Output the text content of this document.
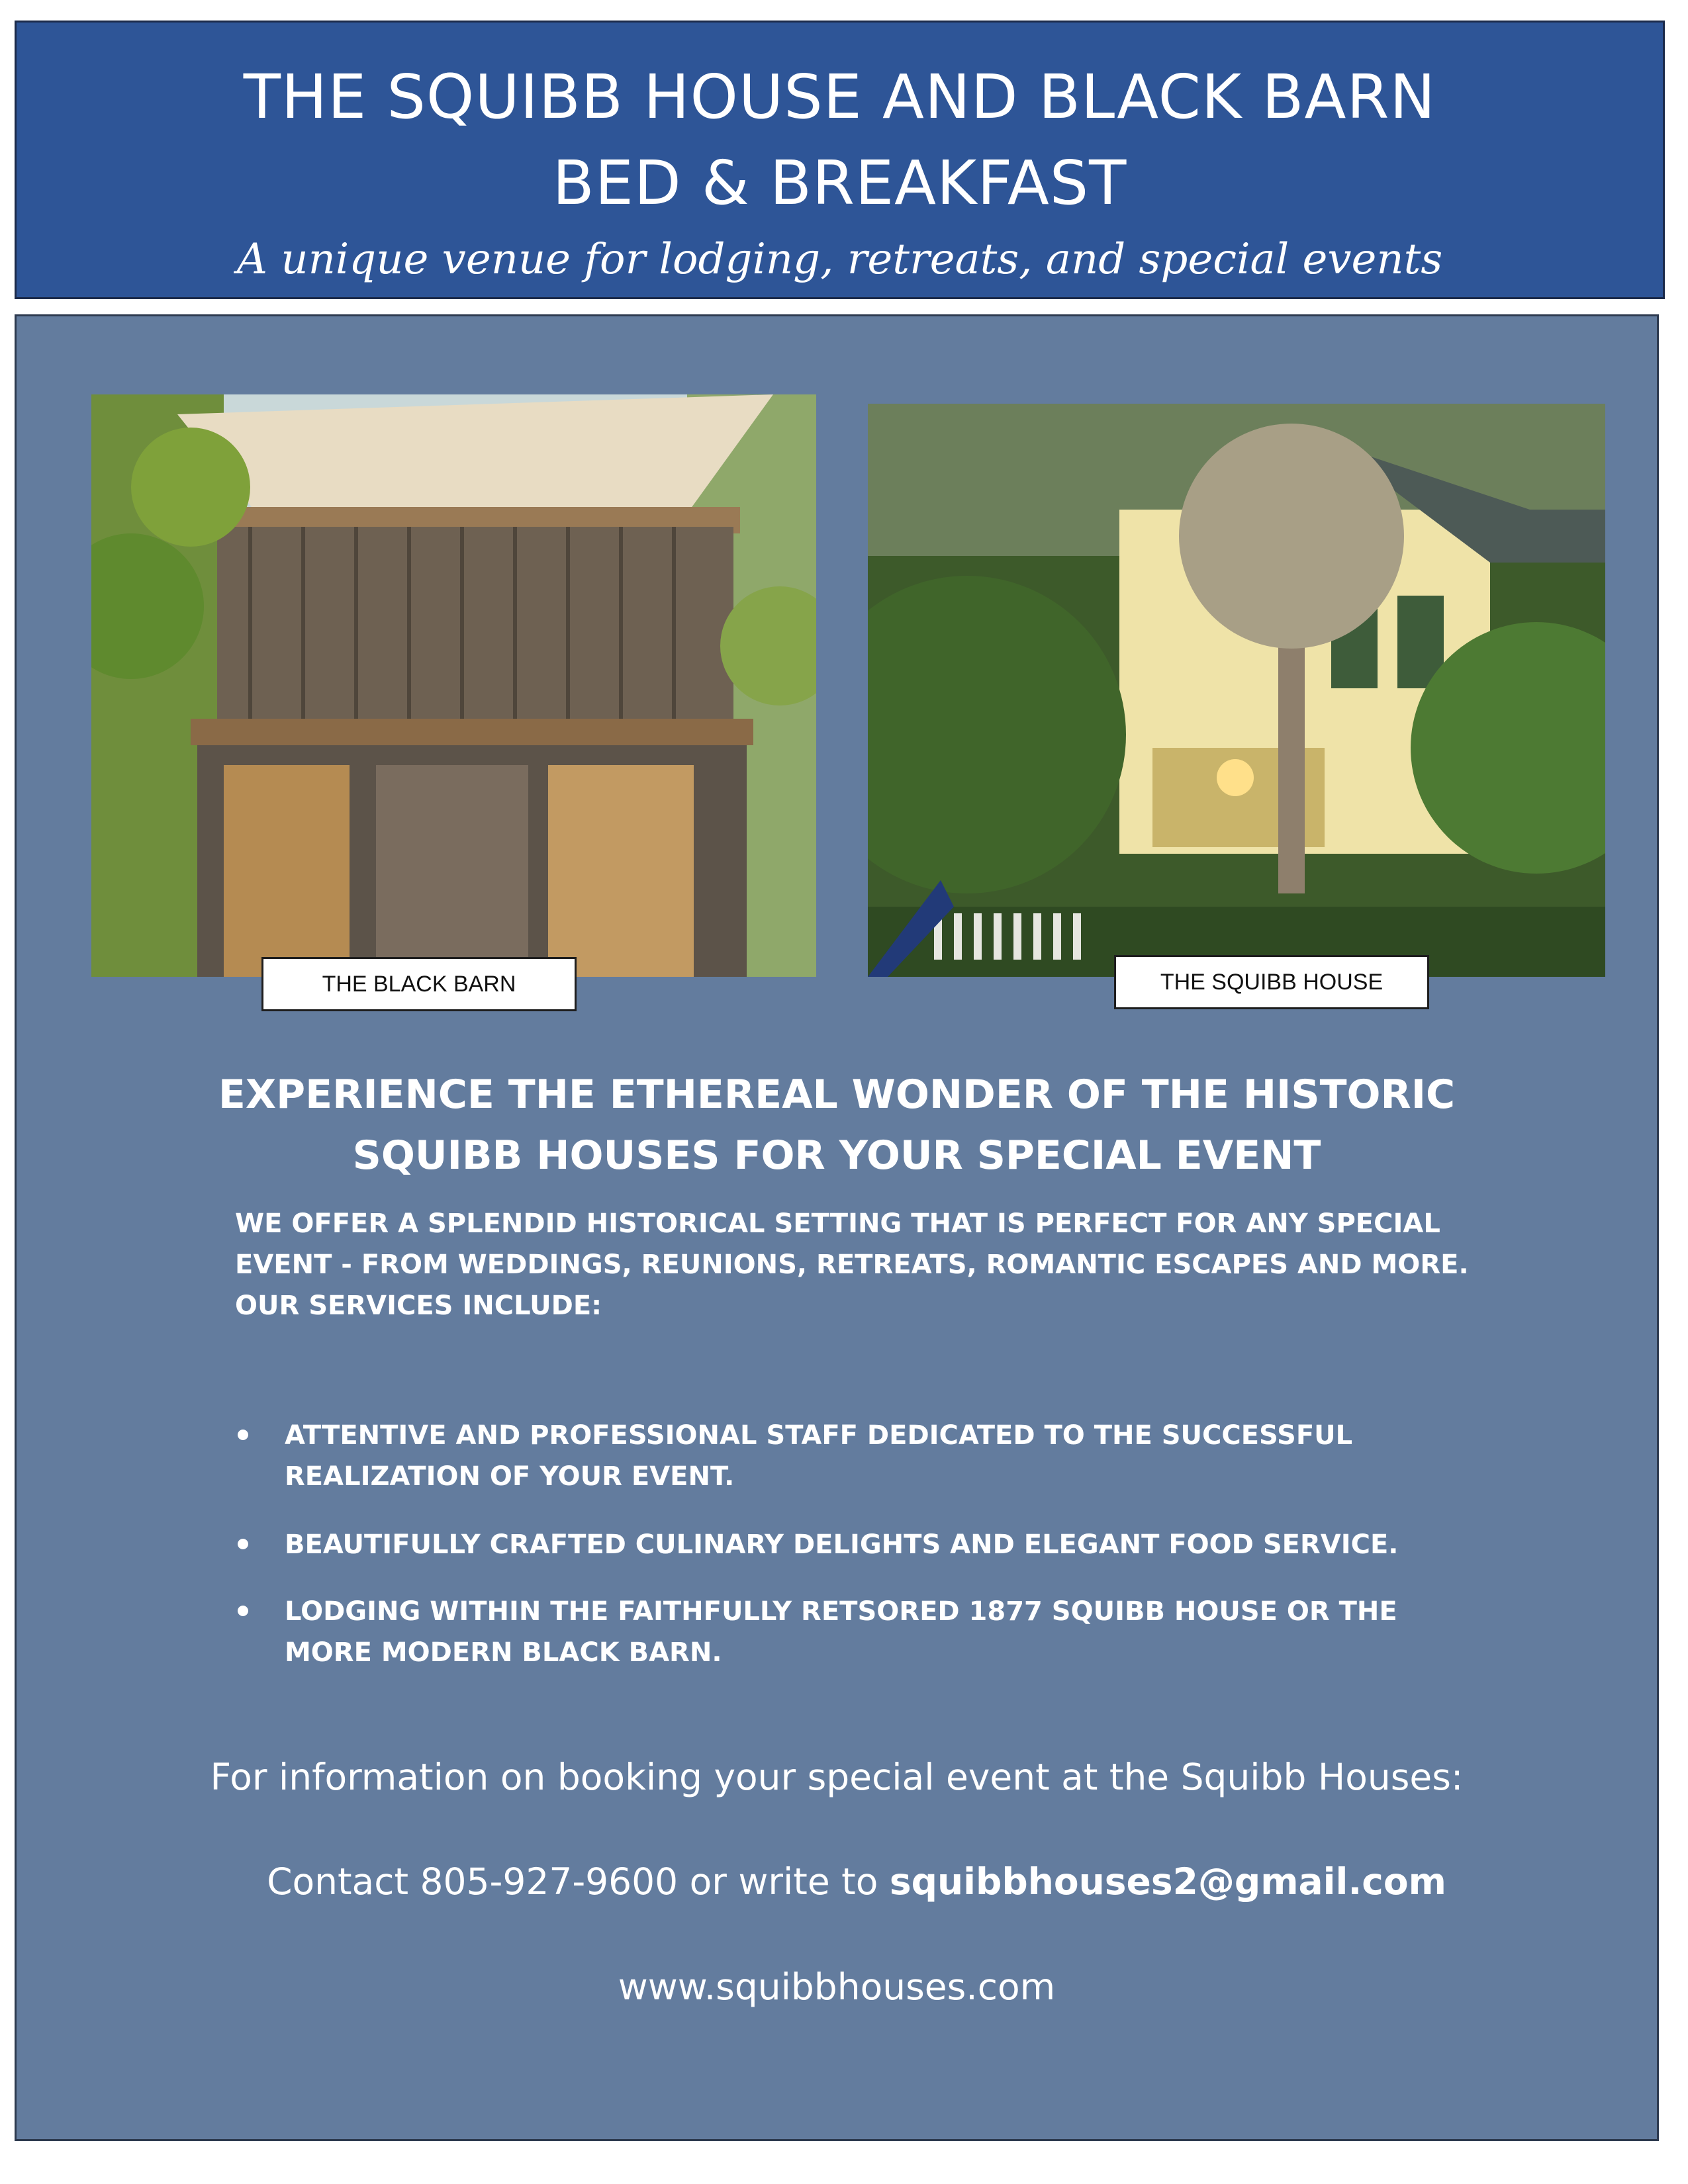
THE SQUIBB HOUSE AND BLACK BARN
BED & BREAKFAST
A unique venue for lodging, retreats, and special events
THE BLACK BARN	THE SQUIBB HOUSE
EXPERIENCE THE ETHEREAL WONDER OF THE HISTORIC
SQUIBB HOUSES FOR YOUR SPECIAL EVENT

WE OFFER A SPLENDID HISTORICAL SETTING THAT IS PERFECT FOR ANY SPECIAL EVENT - FROM WEDDINGS, REUNIONS, RETREATS, ROMANTIC ESCAPES AND MORE. OUR SERVICES INCLUDE:

ATTENTIVE AND PROFESSIONAL STAFF DEDICATED TO THE SUCCESSFUL REALIZATION OF YOUR EVENT.
BEAUTIFULLY CRAFTED CULINARY DELIGHTS AND ELEGANT FOOD SERVICE.
LODGING WITHIN THE FAITHFULLY RETSORED 1877 SQUIBB HOUSE OR THE MORE MODERN BLACK BARN.
For information on booking your special event at the Squibb Houses:
Contact 805-927-9600 or write to squibbhouses2@gmail.com
www.squibbhouses.com
